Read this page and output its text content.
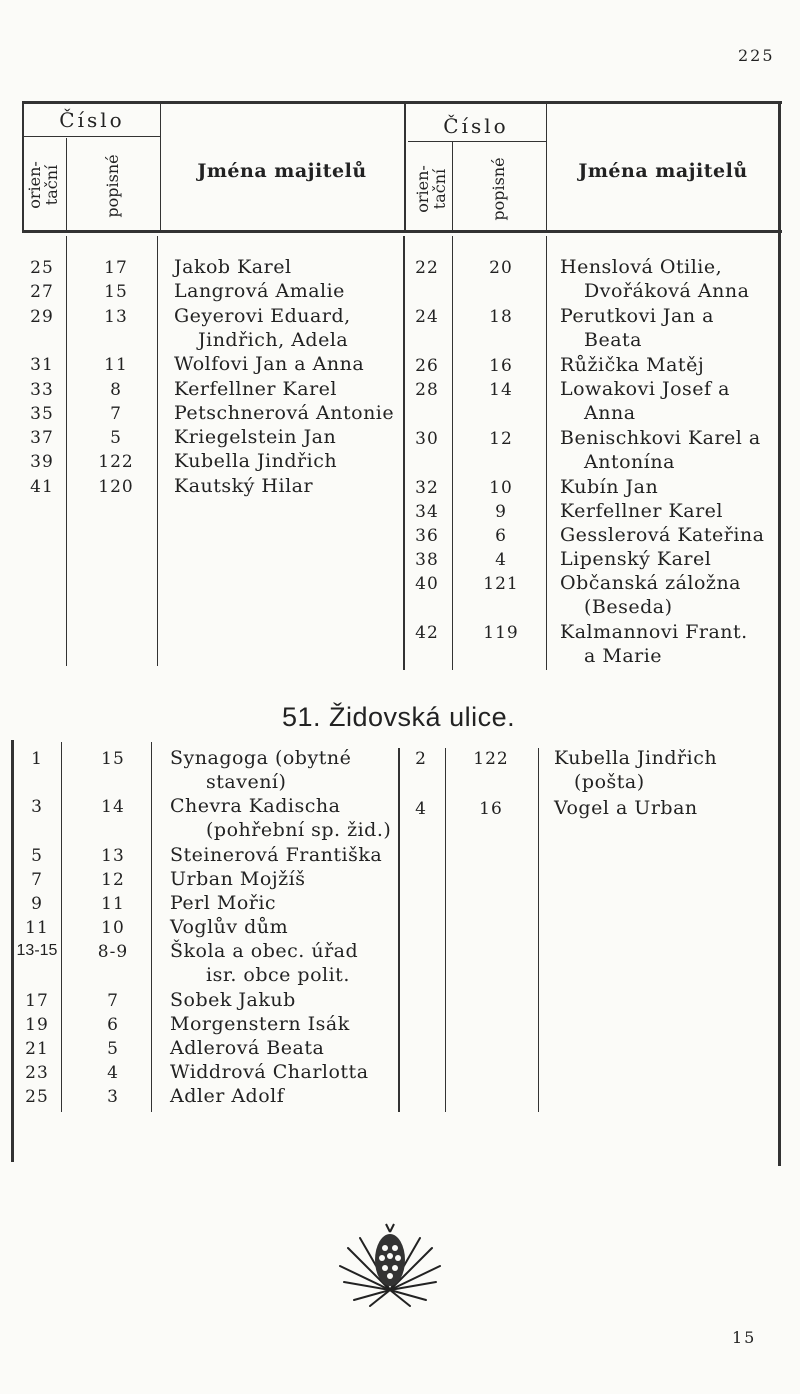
225
Číslo
orien-
tační	popisné	Jména majitelů
Číslo
orien-
tační	popisné	Jména majitelů
51. Židovská ulice.
25	17	Jakob Karel
27	15	Langrová Amalie
29	13	Geyerovi Eduard,
Jindřich, Adela
31	11	Wolfovi Jan a Anna
33	8	Kerfellner Karel
35	7	Petschnerová Antonie
37	5	Kriegelstein Jan
39	122 Kubella Jindřich
41	120 Kautský Hilar
22	20	Henslová Otilie,
Dvořáková Anna
24	18	Perutkovi Jan a
Beata
26	16	Růžička Matěj
28	14	Lowakovi Josef a
Anna
30	12	Benischkovi Karel a
Antonína
32	10	Kubín Jan
34	9	Kerfellner Karel
36	6	Gesslerová Kateřina
38	4	Lipenský Karel
40	121 Občanská záložna
(Beseda)
42	119 Kalmannovi Frant.
a Marie
1	15	Synagoga (obytné
stavení)
3	14	Chevra Kadischa
(pohřební sp. žid.)
5	13	Steinerová Františka
7	12	Urban Mojžíš
9	11	Perl Mořic
11	10	Voglův dům
13-15	8-9	Škola a obec. úřad
isr. obce polit.
17	7	Sobek Jakub
19	6	Morgenstern Isák
21	5	Adlerová Beata
23	4	Widdrová Charlotta
25	3	Adler Adolf
2	122 Kubella Jindřich
(pošta)
4	16	Vogel a Urban
15
